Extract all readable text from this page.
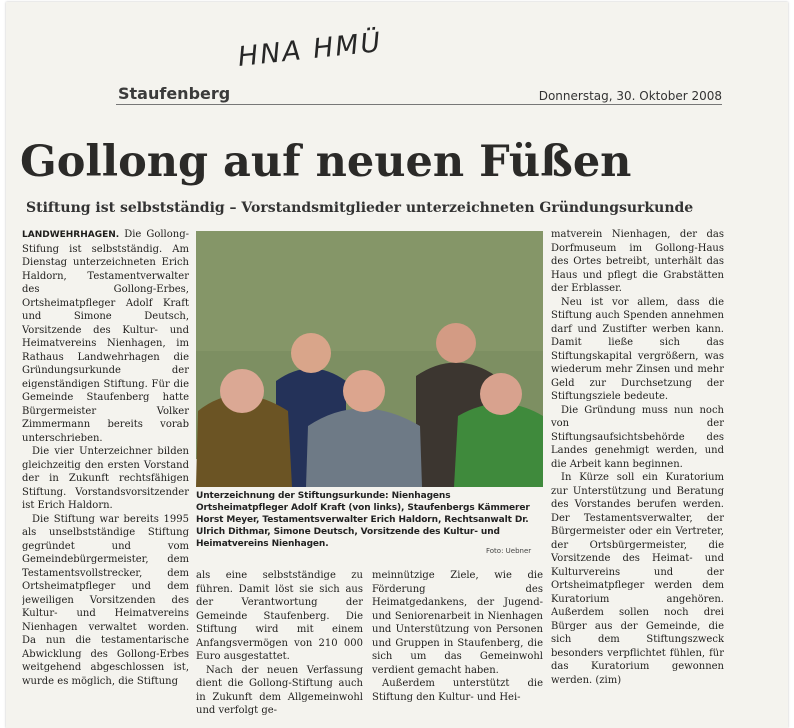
HNA HMÜ
Staufenberg	Donnerstag, 30. Oktober 2008
Gollong auf neuen Füßen
Stiftung ist selbstständig – Vorstandsmitglieder unterzeichneten Gründungsurkunde

LANDWEHRHAGEN. Die Gollong-Stifung ist selbstständig. Am Dienstag unterzeichneten Erich Haldorn, Testamentverwalter des Gollong-Erbes, Ortsheimatpfleger Adolf Kraft und Simone Deutsch, Vorsitzende des Kultur- und Heimatvereins Nienhagen, im Rathaus Landwehrhagen die Gründungsurkunde der eigenständigen Stiftung. Für die Gemeinde Staufenberg hatte Bürgermeister Volker Zimmermann bereits vorab unterschrieben.

Die vier Unterzeichner bilden gleichzeitig den ersten Vorstand der in Zukunft rechtsfähigen Stiftung. Vorstandsvorsitzender ist Erich Haldorn.

Die Stiftung war bereits 1995 als unselbstständige Stiftung gegründet und vom Gemeindebürgermeister, dem Testamentsvollstrecker, dem Ortsheimatpfleger und dem jeweiligen Vorsitzenden des Kultur- und Heimatvereins Nienhagen verwaltet worden. Da nun die testamentarische Abwicklung des Gollong-Erbes weitgehend abgeschlossen ist, wurde es möglich, die Stiftung

Unterzeichnung der Stiftungsurkunde: Nienhagens Ortsheimatpfleger Adolf Kraft (von links), Staufenbergs Kämmerer Horst Meyer, Testamentsverwalter Erich Haldorn, Rechtsanwalt Dr. Ulrich Dithmar, Simone Deutsch, Vorsitzende des Kultur- und Heimatvereins Nienhagen.
Foto: Uebner

als eine selbstständige zu führen. Damit löst sie sich aus der Verantwortung der Gemeinde Staufenberg. Die Stiftung wird mit einem Anfangsvermögen von 210 000 Euro ausgestattet.

Nach der neuen Verfassung dient die Gollong-Stiftung auch in Zukunft dem Allgemeinwohl und verfolgt ge-

meinnützige Ziele, wie die Förderung des Heimatgedankens, der Jugend- und Seniorenarbeit in Nienhagen und Unterstützung von Personen und Gruppen in Staufenberg, die sich um das Gemeinwohl verdient gemacht haben.

Außerdem unterstützt die Stiftung den Kultur- und Hei-

matverein Nienhagen, der das Dorfmuseum im Gollong-Haus des Ortes betreibt, unterhält das Haus und pflegt die Grabstätten der Erblasser.

Neu ist vor allem, dass die Stiftung auch Spenden annehmen darf und Zustifter werben kann. Damit ließe sich das Stiftungskapital vergrößern, was wiederum mehr Zinsen und mehr Geld zur Durchsetzung der Stiftungsziele bedeute.

Die Gründung muss nun noch von der Stiftungsaufsichtsbehörde des Landes genehmigt werden, und die Arbeit kann beginnen.

In Kürze soll ein Kuratorium zur Unterstützung und Beratung des Vorstandes berufen werden. Der Testamentsverwalter, der Bürgermeister oder ein Vertreter, der Ortsbürgermeister, die Vorsitzende des Heimat- und Kulturvereins und der Ortsheimatpfleger werden dem Kuratorium angehören. Außerdem sollen noch drei Bürger aus der Gemeinde, die sich dem Stiftungszweck besonders verpflichtet fühlen, für das Kuratorium gewonnen werden. (zim)
